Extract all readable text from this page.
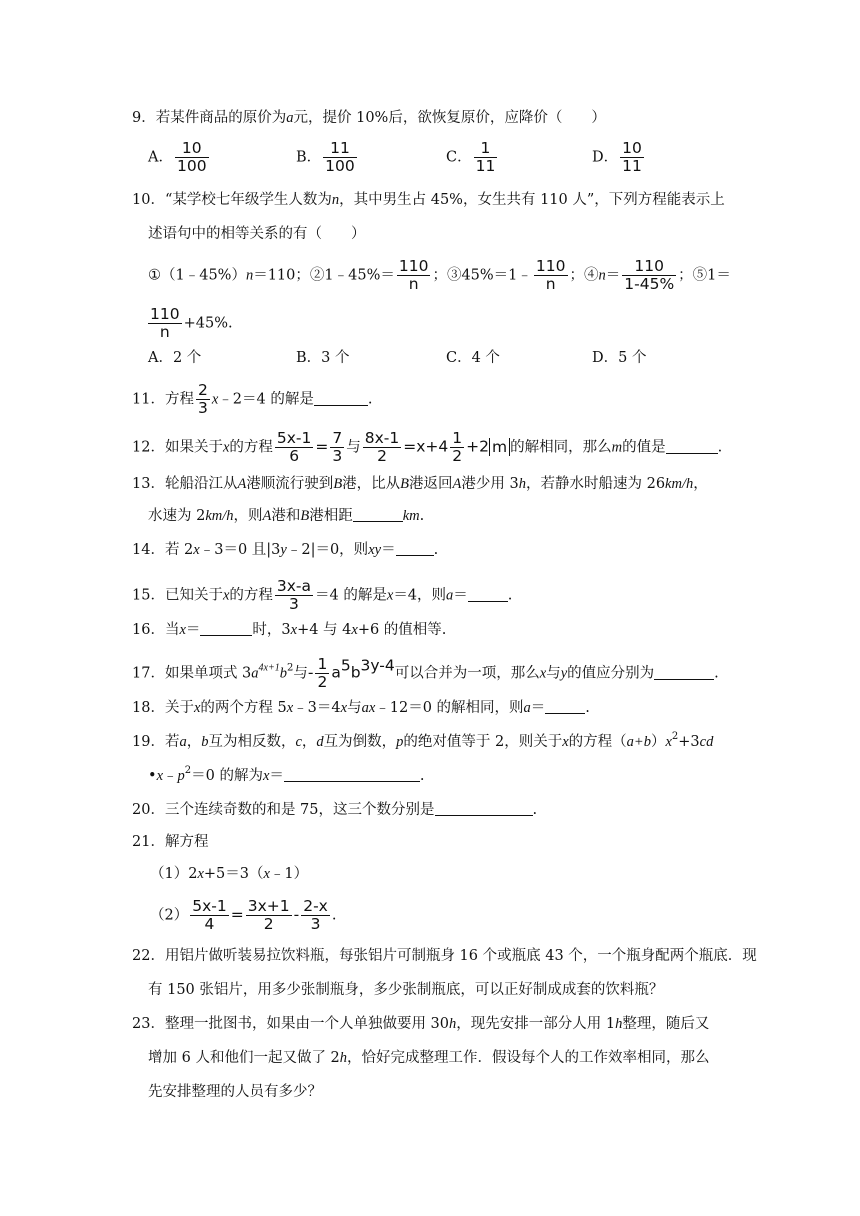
9．若某件商品的原价为a元，提价 10%后，欲恢复原价，应降价（　　）
A． $\frac{10}{100}$	B． $\frac{11}{100}$	C． $\frac{1}{11}$	D． $\frac{10}{11}$
10．“某学校七年级学生人数为n，其中男生占 45%，女生共有 110 人”，下列方程能表示上
述语句中的相等关系的有（　　）
①（1﹣45%）n＝110；②1﹣45%＝ $\frac{110}{n}$ ；③45%＝1﹣ $\frac{110}{n}$ ；④n＝ $\frac{110}{1-45\%}$ ；⑤1＝
$\frac{110}{n} +45\%$.
A．2 个	B．3 个	C．4 个	D．5 个
11．方程 $\frac{2}{3}$ x﹣2＝4 的解是	.
12．如果关于x的方程 $\frac{5x-1}{6} = \frac{7}{3}$ 与 $\frac{8x-1}{2} =x+4 \frac{1}{2} +2$ m 的解相同，那么m的值是	.
13．轮船沿江从A港顺流行驶到B港，比从B港返回A港少用 3h，若静水时船速为 26km/h，
水速为 2km/h，则A港和B港相距	km.
14．若 2x﹣3＝0 且|3y﹣2|＝0，则xy＝	.
15．已知关于x的方程 $\frac{3x-a}{3} =4$ 的解是x＝4，则a＝	.
16．当x＝	时，3x+4 与 4x+6 的值相等.
17．如果单项式 $3a^{4x+1}b^2$与- $\frac{1}{2} a^5b^{3y-4}$可以合并为一项，那么x与y的值应分别为	.
18．关于x的两个方程 5x﹣3＝4x与ax﹣12＝0 的解相同，则a＝	.
19．若a，b互为相反数，c，d互为倒数，p的绝对值等于 2，则关于x的方程$(a+b)x^2+3cd$
$•x﹣p^2=0$ 的解为x＝	.
20．三个连续奇数的和是 75，这三个数分别是	.
21．解方程
（1）2x+5＝3（x﹣1）
$(2) \frac{5x-1}{4} = \frac{3x+1}{2} - \frac{2-x}{3}$ .
22．用铝片做听装易拉饮料瓶，每张铝片可制瓶身 16 个或瓶底 43 个，一个瓶身配两个瓶底．现
有 150 张铝片，用多少张制瓶身，多少张制瓶底，可以正好制成成套的饮料瓶？
23．整理一批图书，如果由一个人单独做要用 30h，现先安排一部分人用 1h整理，随后又
增加 6 人和他们一起又做了 2h，恰好完成整理工作．假设每个人的工作效率相同，那么
先安排整理的人员有多少？
